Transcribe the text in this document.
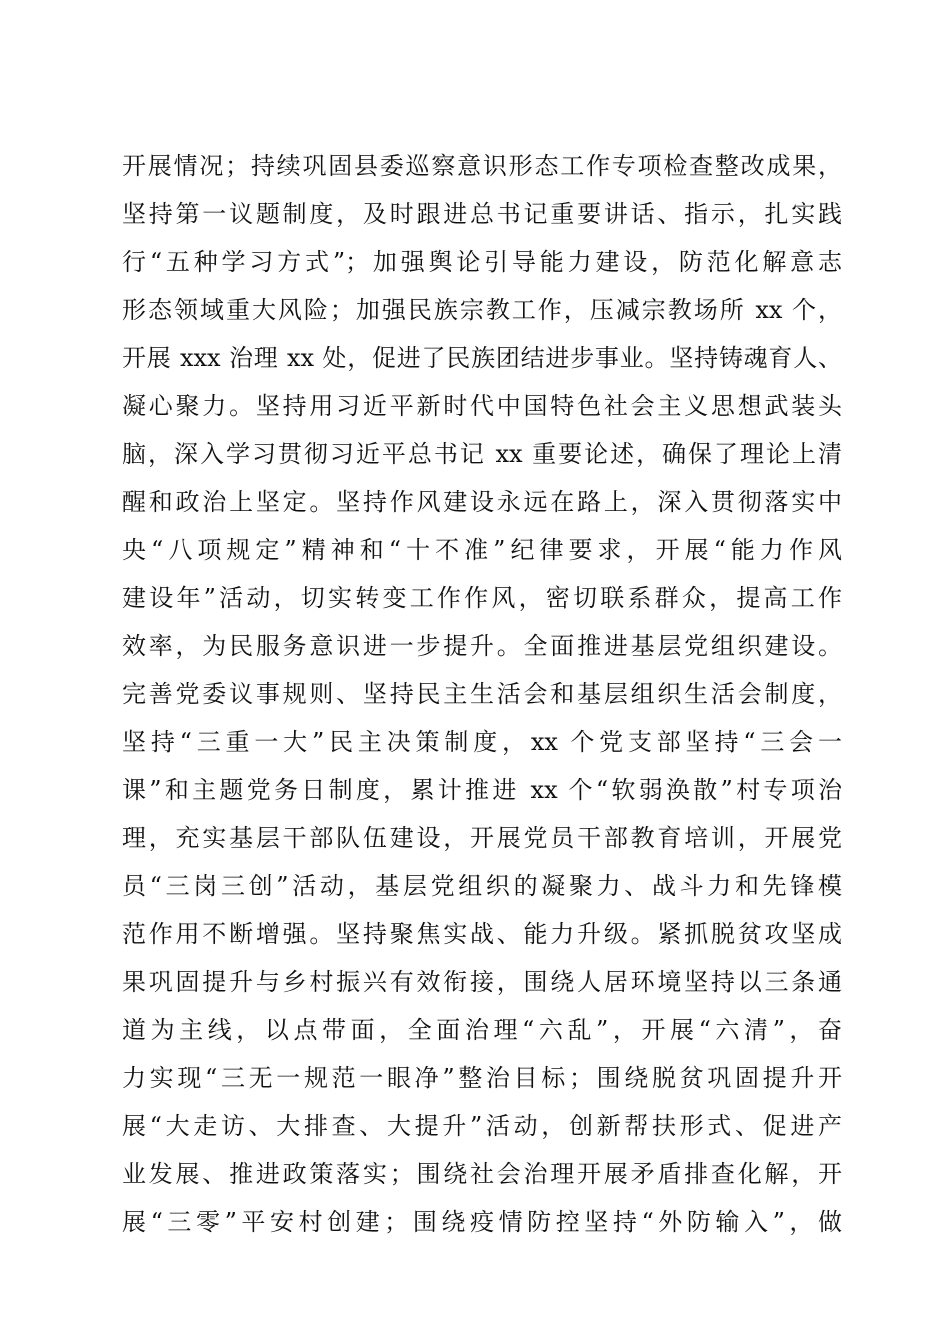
开展情况；持续巩固县委巡察意识形态工作专项检查整改成果，
坚持第一议题制度，及时跟进总书记重要讲话、指示，扎实践
行“五种学习方式”；加强舆论引导能力建设，防范化解意志
形态领域重大风险；加强民族宗教工作，压减宗教场所 xx 个，
开展 xxx 治理 xx 处，促进了民族团结进步事业。坚持铸魂育人、
凝心聚力。坚持用习近平新时代中国特色社会主义思想武装头
脑，深入学习贯彻习近平总书记 xx 重要论述，确保了理论上清
醒和政治上坚定。坚持作风建设永远在路上，深入贯彻落实中
央“八项规定”精神和“十不准”纪律要求，开展“能力作风
建设年”活动，切实转变工作作风，密切联系群众，提高工作
效率，为民服务意识进一步提升。全面推进基层党组织建设。
完善党委议事规则、坚持民主生活会和基层组织生活会制度，
坚持“三重一大”民主决策制度，xx 个党支部坚持“三会一
课”和主题党务日制度，累计推进 xx 个“软弱涣散”村专项治
理，充实基层干部队伍建设，开展党员干部教育培训，开展党
员“三岗三创”活动，基层党组织的凝聚力、战斗力和先锋模
范作用不断增强。坚持聚焦实战、能力升级。紧抓脱贫攻坚成
果巩固提升与乡村振兴有效衔接，围绕人居环境坚持以三条通
道为主线，以点带面，全面治理“六乱”，开展“六清”，奋
力实现“三无一规范一眼净”整治目标；围绕脱贫巩固提升开
展“大走访、大排查、大提升”活动，创新帮扶形式、促进产
业发展、推进政策落实；围绕社会治理开展矛盾排查化解，开
展“三零”平安村创建；围绕疫情防控坚持“外防输入”，做
